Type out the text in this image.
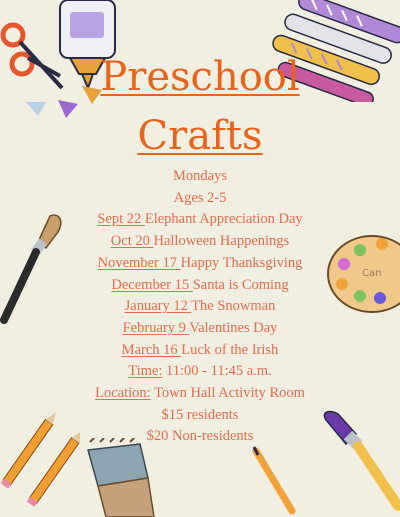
Can
Preschool
Crafts
Mondays
Ages 2-5
Sept 22 Elephant Appreciation Day
Oct 20 Halloween Happenings
November 17 Happy Thanksgiving
December 15 Santa is Coming
January 12 The Snowman
February 9 Valentines Day
March 16 Luck of the Irish
Time: 11:00 - 11:45 a.m.
Location: Town Hall Activity Room
$15 residents
$20 Non-residents
